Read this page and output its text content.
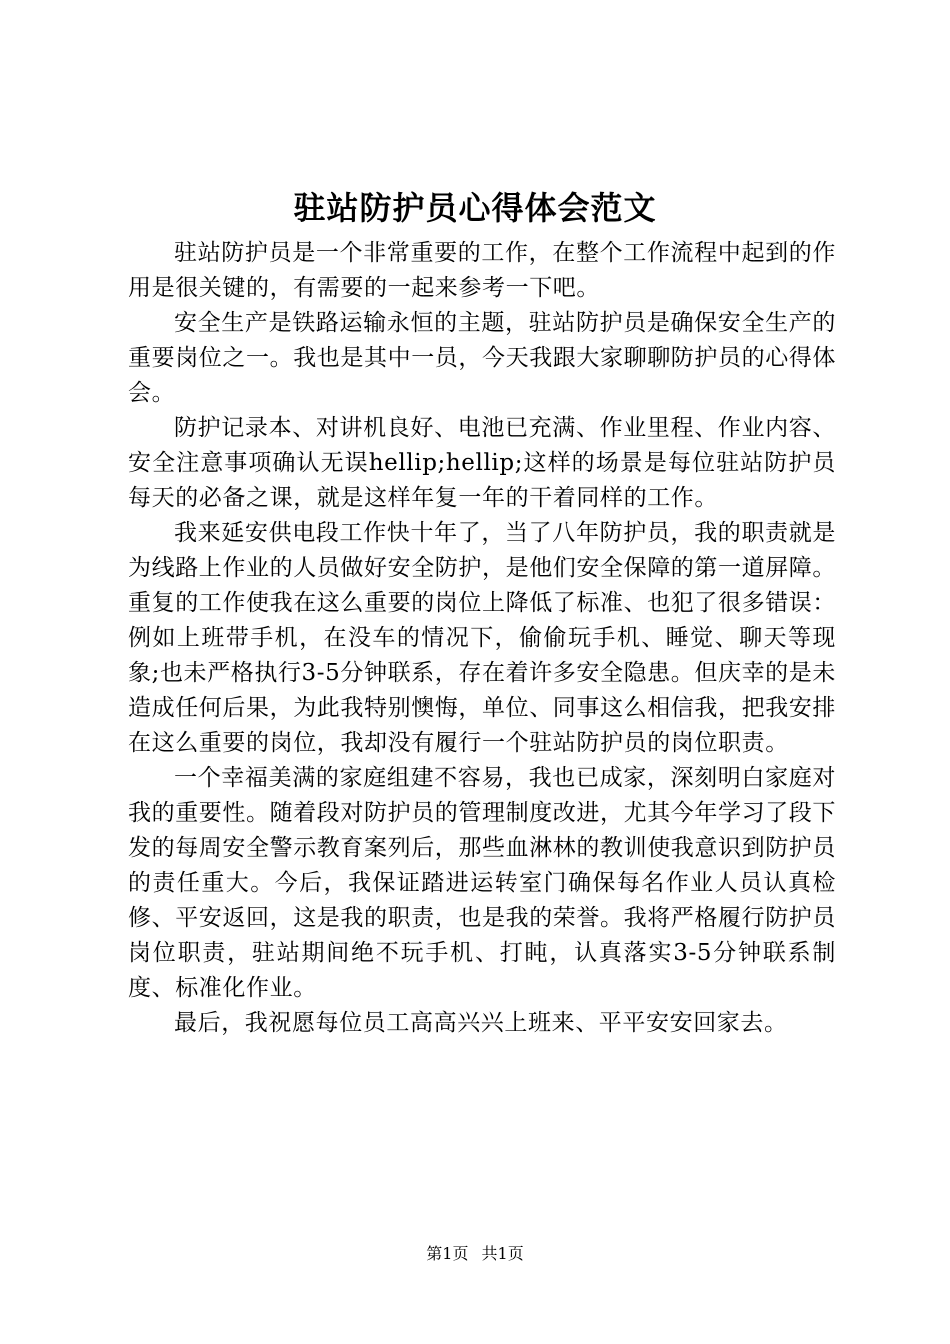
驻站防护员心得体会范文

驻站防护员是一个非常重要的工作，在整个工作流程中起到的作用是很关键的，有需要的一起来参考一下吧。

安全生产是铁路运输永恒的主题，驻站防护员是确保安全生产的重要岗位之一。我也是其中一员，今天我跟大家聊聊防护员的心得体会。

防护记录本、对讲机良好、电池已充满、作业里程、作业内容、安全注意事项确认无误hellip;hellip;这样的场景是每位驻站防护员每天的必备之课，就是这样年复一年的干着同样的工作。

我来延安供电段工作快十年了，当了八年防护员，我的职责就是为线路上作业的人员做好安全防护，是他们安全保障的第一道屏障。重复的工作使我在这么重要的岗位上降低了标准、也犯了很多错误：例如上班带手机，在没车的情况下，偷偷玩手机、睡觉、聊天等现象;也未严格执行3-5分钟联系，存在着许多安全隐患。但庆幸的是未造成任何后果，为此我特别懊悔，单位、同事这么相信我，把我安排在这么重要的岗位，我却没有履行一个驻站防护员的岗位职责。

一个幸福美满的家庭组建不容易，我也已成家，深刻明白家庭对我的重要性。随着段对防护员的管理制度改进，尤其今年学习了段下发的每周安全警示教育案列后，那些血淋林的教训使我意识到防护员的责任重大。今后，我保证踏进运转室门确保每名作业人员认真检修、平安返回，这是我的职责，也是我的荣誉。我将严格履行防护员岗位职责，驻站期间绝不玩手机、打盹，认真落实3-5分钟联系制度、标准化作业。

最后，我祝愿每位员工高高兴兴上班来、平平安安回家去。

第1页 共1页
